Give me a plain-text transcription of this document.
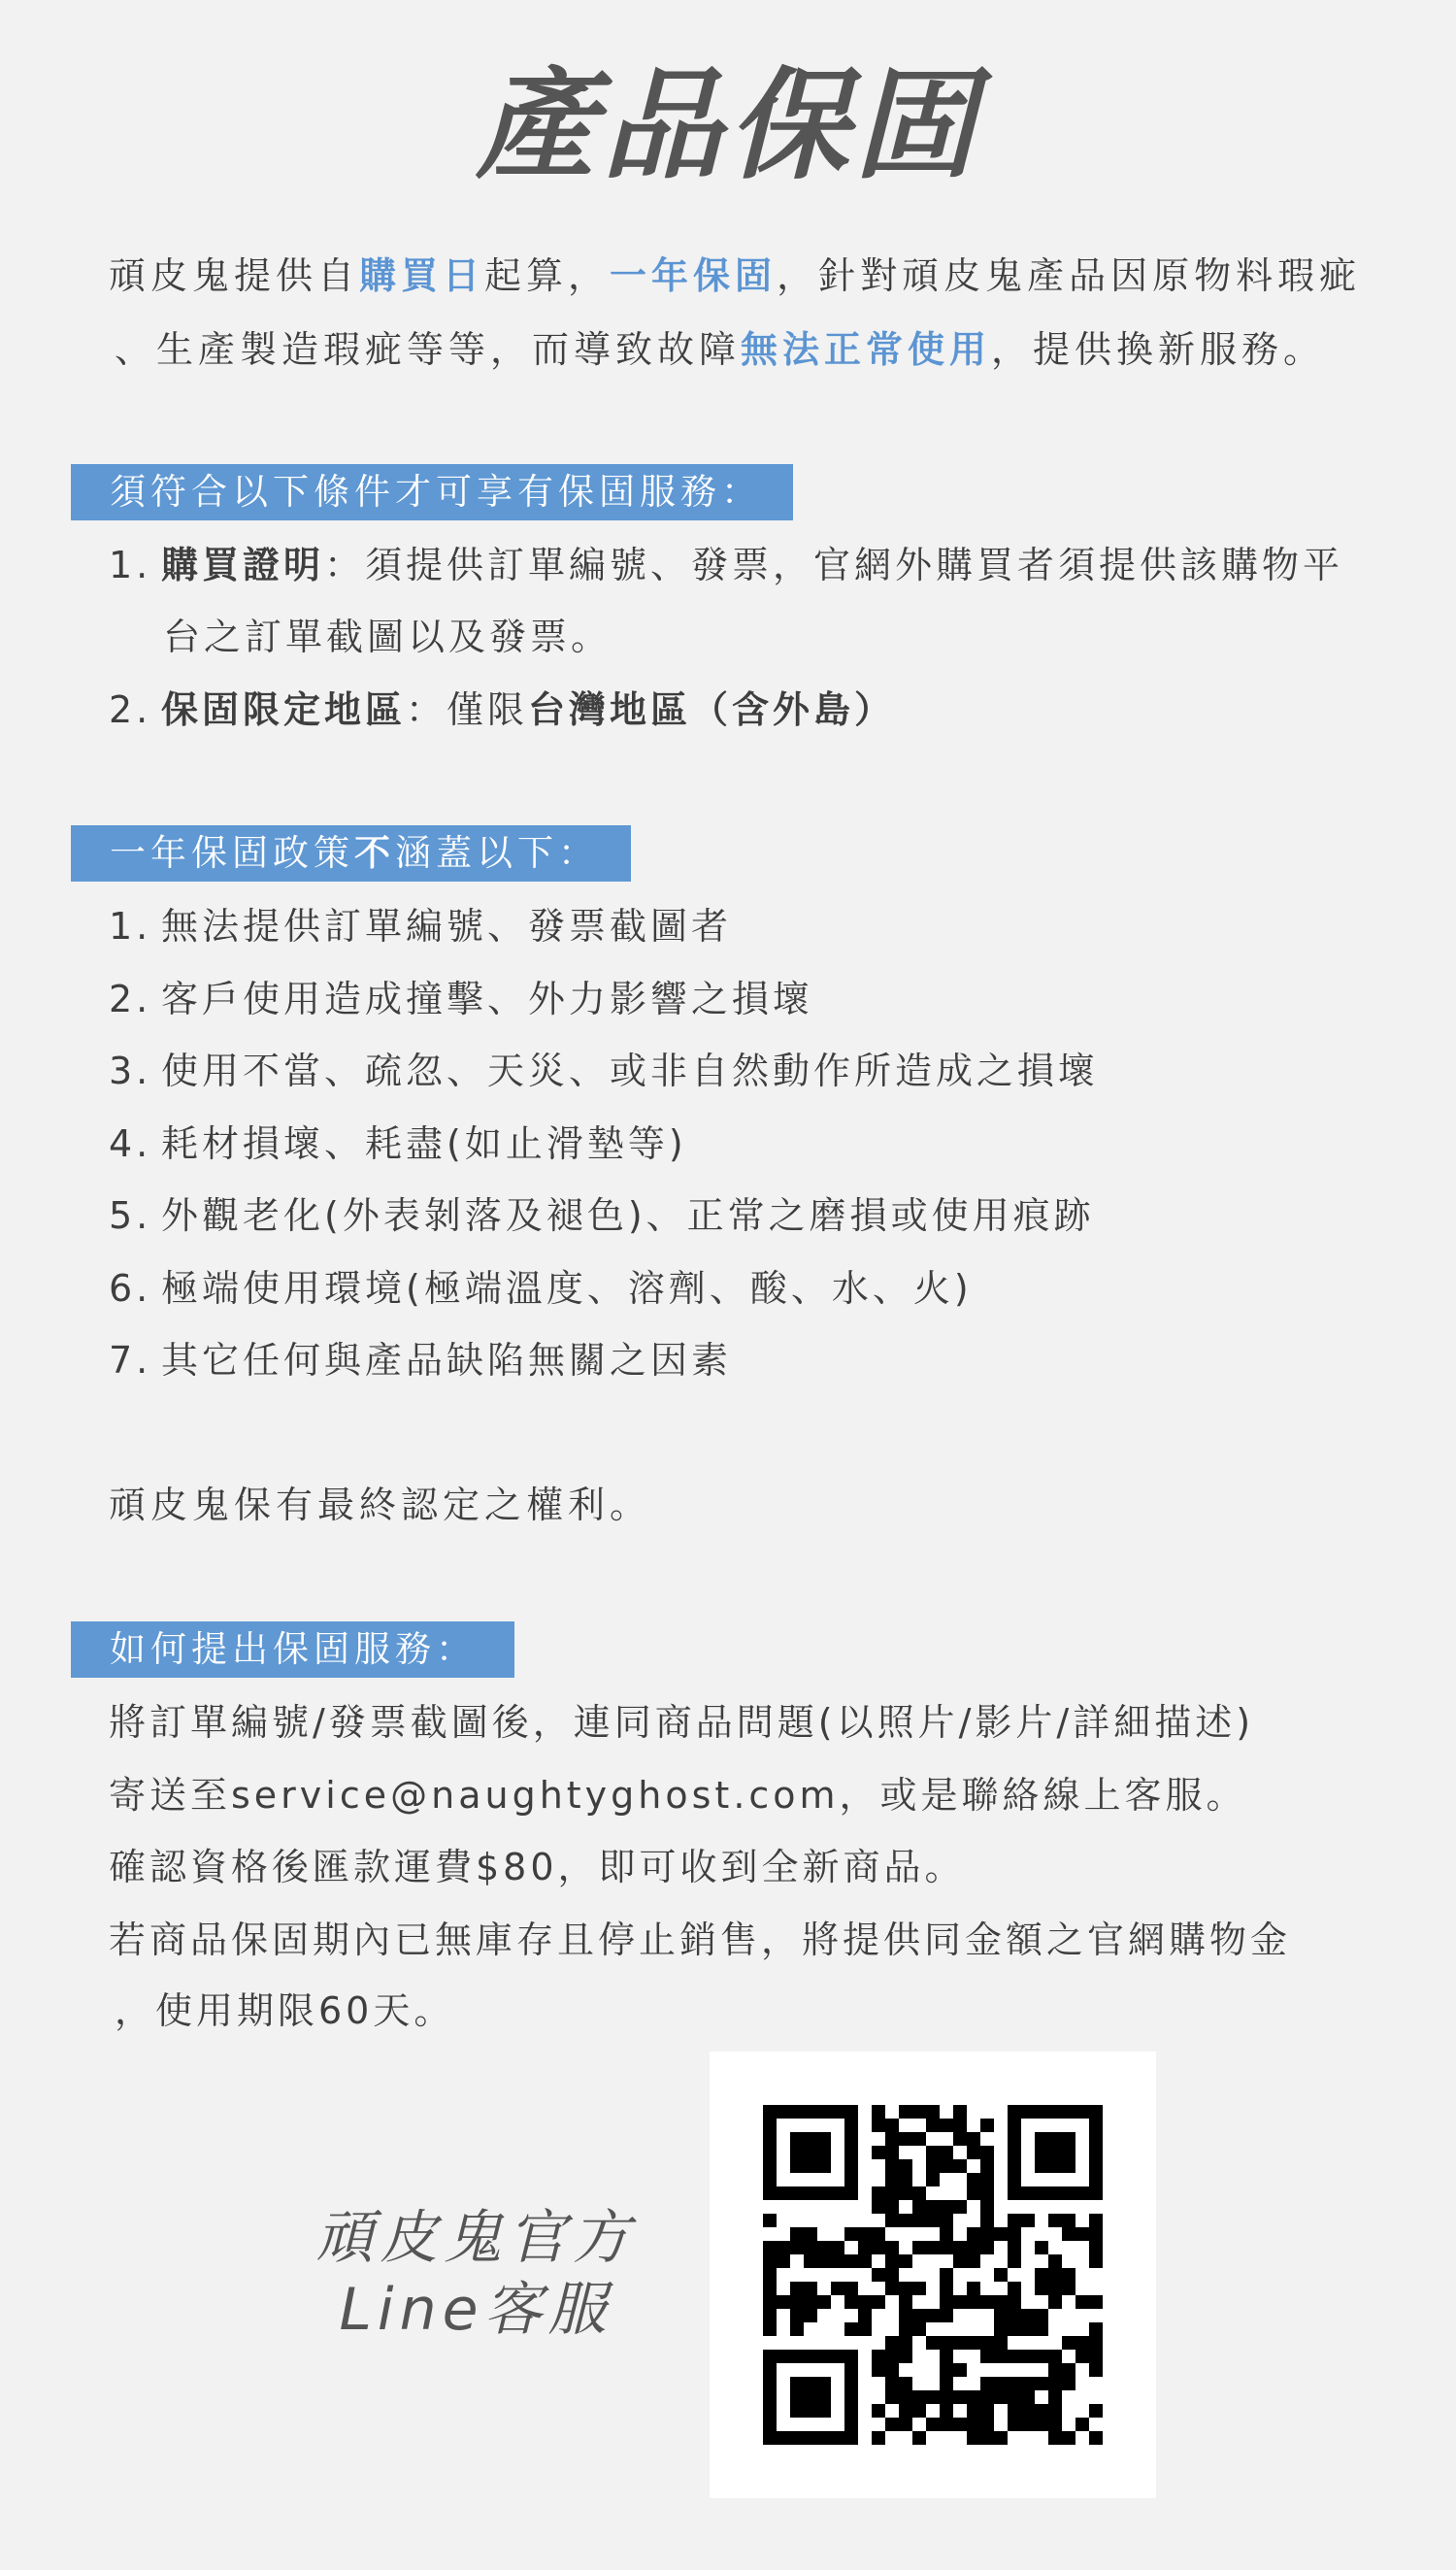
產品保固
頑皮鬼提供自購買日起算，一年保固，針對頑皮鬼產品因原物料瑕疵
、生產製造瑕疵等等，而導致故障無法正常使用，提供換新服務。
須符合以下條件才可享有保固服務：
1. 購買證明：須提供訂單編號、發票，官網外購買者須提供該購物平
台之訂單截圖以及發票。
2. 保固限定地區：僅限台灣地區（含外島）
一年保固政策不涵蓋以下：
1. 無法提供訂單編號、發票截圖者
2. 客戶使用造成撞擊、外力影響之損壞
3. 使用不當、疏忽、天災、或非自然動作所造成之損壞
4. 耗材損壞、耗盡(如止滑墊等)
5. 外觀老化(外表剝落及褪色)、正常之磨損或使用痕跡
6. 極端使用環境(極端溫度、溶劑、酸、水、火)
7. 其它任何與產品缺陷無關之因素
頑皮鬼保有最終認定之權利。
如何提出保固服務：
將訂單編號/發票截圖後，連同商品問題(以照片/影片/詳細描述)
寄送至service@naughtyghost.com，或是聯絡線上客服。
確認資格後匯款運費$80，即可收到全新商品。
若商品保固期內已無庫存且停止銷售，將提供同金額之官網購物金
，使用期限60天。
頑皮鬼官方
Line客服
